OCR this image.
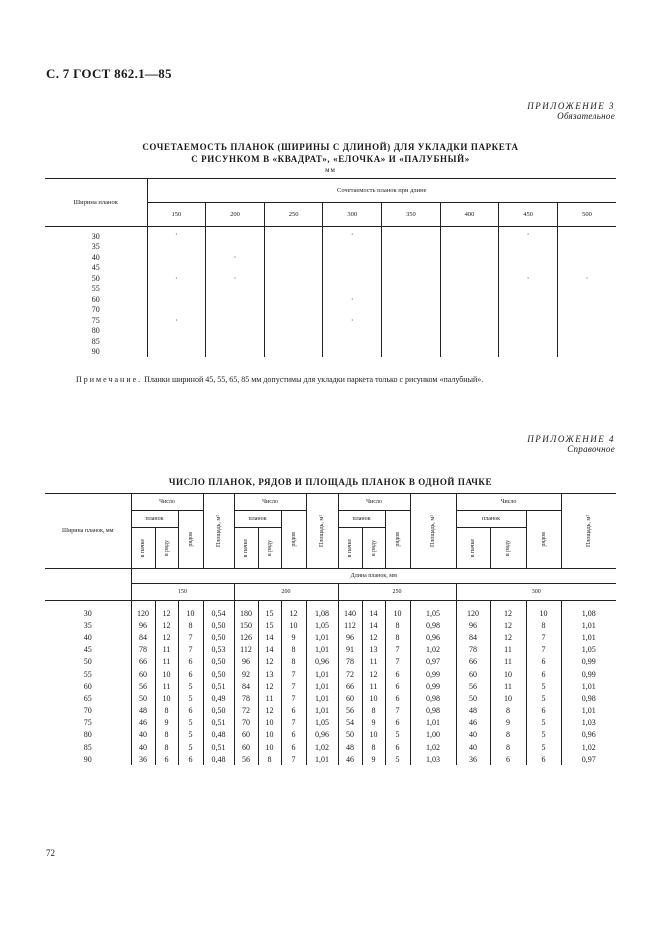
С. 7 ГОСТ 862.1—85
ПРИЛОЖЕНИЕ 3
Обязательное
СОЧЕТАЕМОСТЬ ПЛАНОК (ШИРИНЫ С ДЛИНОЙ) ДЛЯ УКЛАДКИ ПАРКЕТА
С РИСУНКОМ В «КВАДРАТ», «ЕЛОЧКА» И «ПАЛУБНЫЙ»
мм
Ширина планок	Сочетаемость планок при длине							
	150	200	250	300	350	400	450	500
30	·			·			·	
35								
40		·						
45								
50	·	·					·	·
55								
60				·				
70								
75	·			·				
80								
85								
90								
Примечание. Планки шириной 45, 55, 65, 85 мм допустимы для укладки паркета только с рисунком «палубный».
ПРИЛОЖЕНИЕ 4
Справочное
ЧИСЛО ПЛАНОК, РЯДОВ И ПЛОЩАДЬ ПЛАНОК В ОДНОЙ ПАЧКЕ
Ширина планок, мм	Число			Площадь, м²	Число			Площадь, м²	Число			Площадь, м²	Число			Площадь, м²

	планок		рядов		планок		рядов		планок		рядов		планок		рядов	

	в пачке	в ряду			в пачке	в ряду			в пачке	в ряду			в пачке	в ряду		

	Длина планок, мм															
	150				200				250				300			
30	120	12	10	0,54	180	15	12	1,08	140	14	10	1,05	120	12	10	1,08
35	96	12	8	0,50	150	15	10	1,05	112	14	8	0,98	96	12	8	1,01
40	84	12	7	0,50	126	14	9	1,01	96	12	8	0,96	84	12	7	1,01
45	78	11	7	0,53	112	14	8	1,01	91	13	7	1,02	78	11	7	1,05
50	66	11	6	0,50	96	12	8	0,96	78	11	7	0,97	66	11	6	0,99
55	60	10	6	0,50	92	13	7	1,01	72	12	6	0,99	60	10	6	0,99
60	56	11	5	0,51	84	12	7	1,01	66	11	6	0,99	56	11	5	1,01
65	50	10	5	0,49	78	11	7	1,01	60	10	6	0,98	50	10	5	0,98
70	48	8	6	0,50	72	12	6	1,01	56	8	7	0,98	48	8	6	1,01
75	46	9	5	0,51	70	10	7	1,05	54	9	6	1,01	46	9	5	1,03
80	40	8	5	0,48	60	10	6	0,96	50	10	5	1,00	40	8	5	0,96
85	40	8	5	0,51	60	10	6	1,02	48	8	6	1,02	40	8	5	1,02
90	36	6	6	0,48	56	8	7	1,01	46	9	5	1,03	36	6	6	0,97
72
